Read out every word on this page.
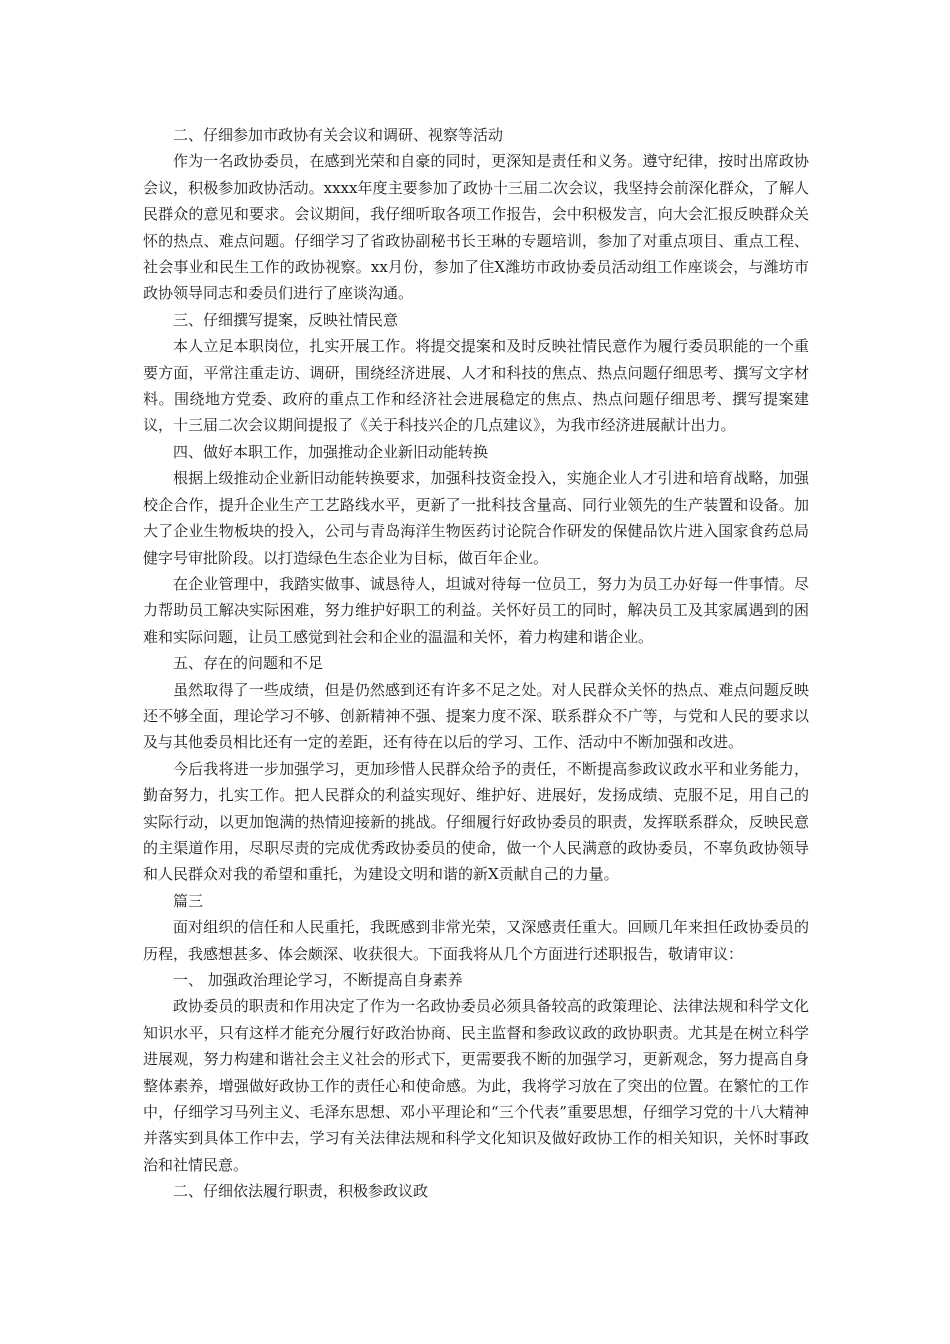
二、仔细参加市政协有关会议和调研、视察等活动

作为一名政协委员，在感到光荣和自豪的同时，更深知是责任和义务。遵守纪律，按时出席政协会议，积极参加政协活动。xxxx年度主要参加了政协十三届二次会议，我坚持会前深化群众，了解人民群众的意见和要求。会议期间，我仔细听取各项工作报告，会中积极发言，向大会汇报反映群众关怀的热点、难点问题。仔细学习了省政协副秘书长王琳的专题培训，参加了对重点项目、重点工程、社会事业和民生工作的政协视察。xx月份，参加了住X潍坊市政协委员活动组工作座谈会，与潍坊市政协领导同志和委员们进行了座谈沟通。

三、仔细撰写提案，反映社情民意

本人立足本职岗位，扎实开展工作。将提交提案和及时反映社情民意作为履行委员职能的一个重要方面，平常注重走访、调研，围绕经济进展、人才和科技的焦点、热点问题仔细思考、撰写文字材料。围绕地方党委、政府的重点工作和经济社会进展稳定的焦点、热点问题仔细思考、撰写提案建议，十三届二次会议期间提报了《关于科技兴企的几点建议》，为我市经济进展献计出力。

四、做好本职工作，加强推动企业新旧动能转换

根据上级推动企业新旧动能转换要求，加强科技资金投入，实施企业人才引进和培育战略，加强校企合作，提升企业生产工艺路线水平，更新了一批科技含量高、同行业领先的生产装置和设备。加大了企业生物板块的投入，公司与青岛海洋生物医药讨论院合作研发的保健品饮片进入国家食药总局健字号审批阶段。以打造绿色生态企业为目标，做百年企业。

在企业管理中，我踏实做事、诚恳待人，坦诚对待每一位员工，努力为员工办好每一件事情。尽力帮助员工解决实际困难，努力维护好职工的利益。关怀好员工的同时，解决员工及其家属遇到的困难和实际问题，让员工感觉到社会和企业的温温和关怀，着力构建和谐企业。

五、存在的问题和不足

虽然取得了一些成绩，但是仍然感到还有许多不足之处。对人民群众关怀的热点、难点问题反映还不够全面，理论学习不够、创新精神不强、提案力度不深、联系群众不广等，与党和人民的要求以及与其他委员相比还有一定的差距，还有待在以后的学习、工作、活动中不断加强和改进。

今后我将进一步加强学习，更加珍惜人民群众给予的责任，不断提高参政议政水平和业务能力，勤奋努力，扎实工作。把人民群众的利益实现好、维护好、进展好，发扬成绩、克服不足，用自己的实际行动，以更加饱满的热情迎接新的挑战。仔细履行好政协委员的职责，发挥联系群众，反映民意的主渠道作用，尽职尽责的完成优秀政协委员的使命，做一个人民满意的政协委员，不辜负政协领导和人民群众对我的希望和重托，为建设文明和谐的新X贡献自己的力量。

篇三

面对组织的信任和人民重托，我既感到非常光荣，又深感责任重大。回顾几年来担任政协委员的历程，我感想甚多、体会颇深、收获很大。下面我将从几个方面进行述职报告，敬请审议：

一、 加强政治理论学习，不断提高自身素养

政协委员的职责和作用决定了作为一名政协委员必须具备较高的政策理论、法律法规和科学文化知识水平，只有这样才能充分履行好政治协商、民主监督和参政议政的政协职责。尤其是在树立科学进展观，努力构建和谐社会主义社会的形式下，更需要我不断的加强学习，更新观念，努力提高自身整体素养，增强做好政协工作的责任心和使命感。为此，我将学习放在了突出的位置。在繁忙的工作中，仔细学习马列主义、毛泽东思想、邓小平理论和“三个代表”重要思想，仔细学习党的十八大精神并落实到具体工作中去，学习有关法律法规和科学文化知识及做好政协工作的相关知识，关怀时事政治和社情民意。

二、仔细依法履行职责，积极参政议政
